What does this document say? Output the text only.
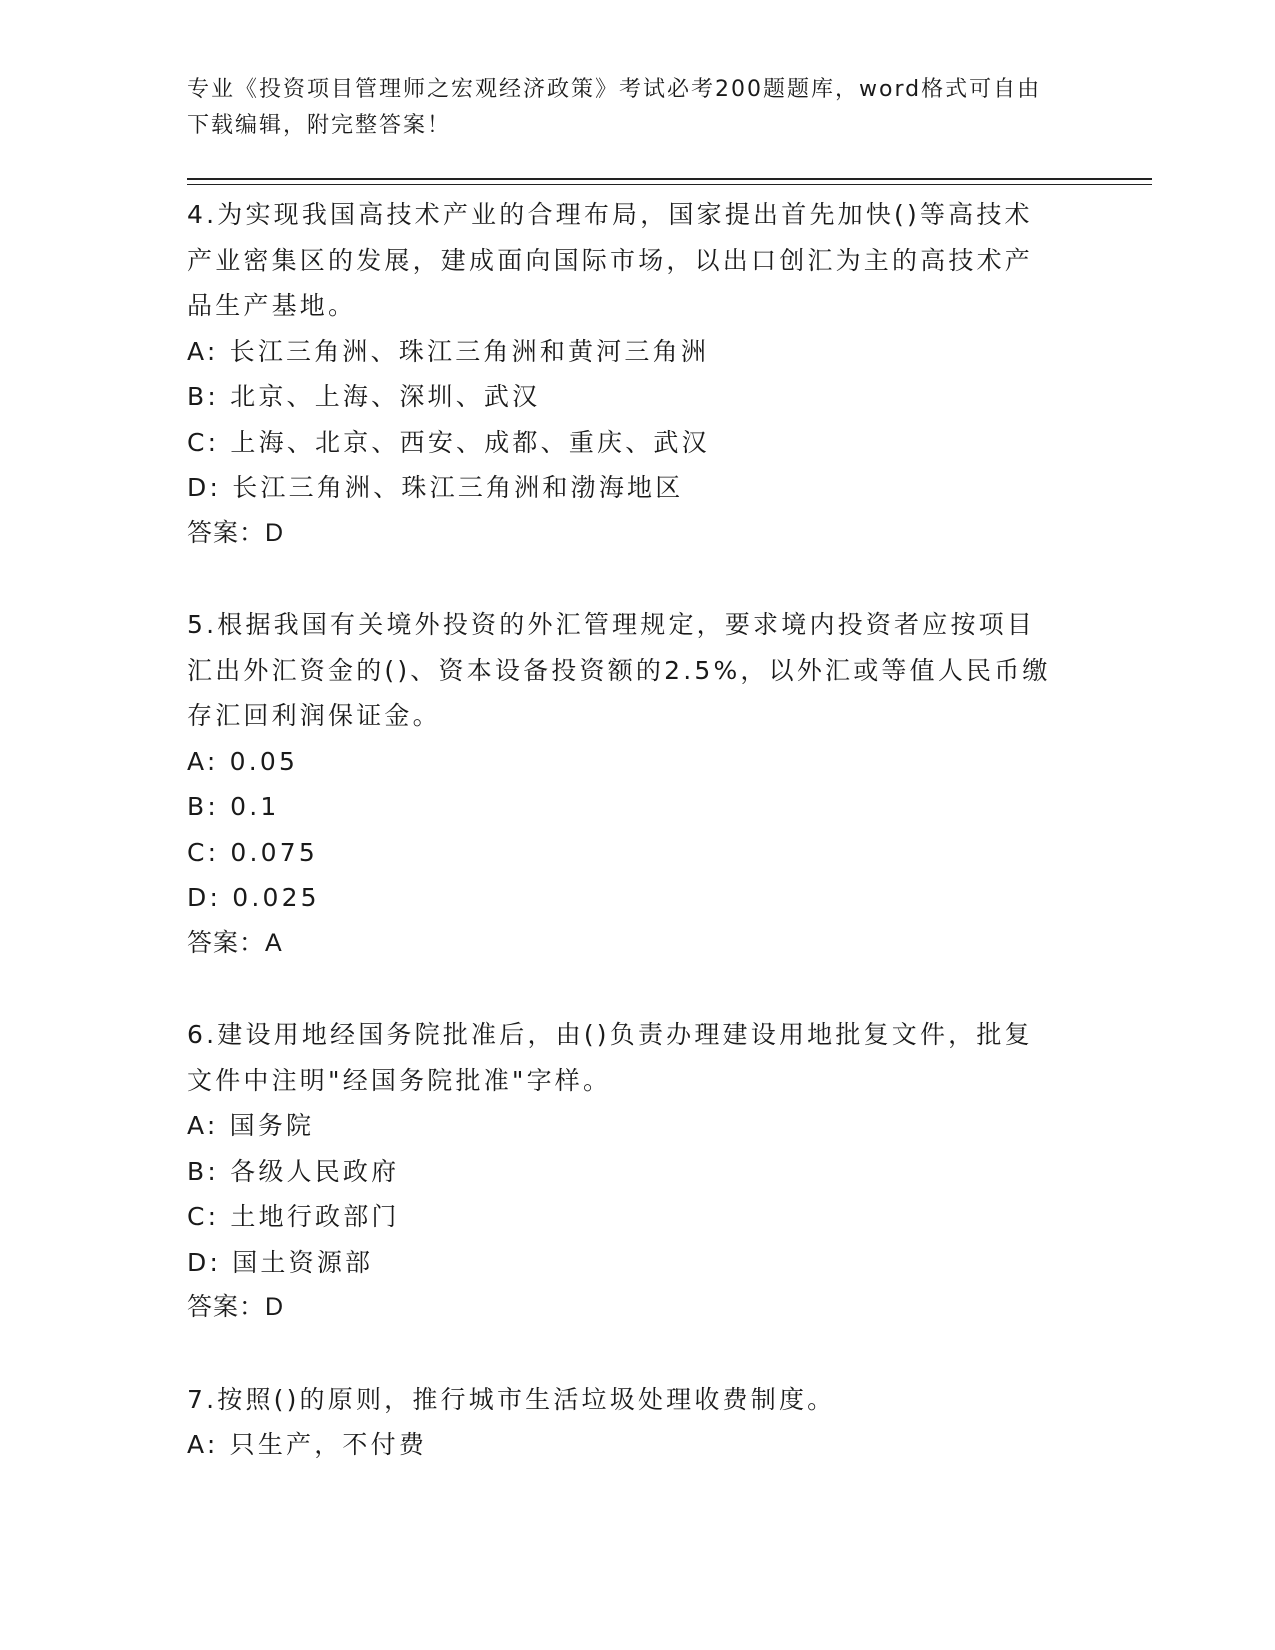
专业《投资项目管理师之宏观经济政策》考试必考200题题库，word格式可自由
下载编辑，附完整答案！
4.为实现我国高技术产业的合理布局，国家提出首先加快()等高技术
产业密集区的发展，建成面向国际市场，以出口创汇为主的高技术产
品生产基地。
A: 长江三角洲、珠江三角洲和黄河三角洲
B: 北京、上海、深圳、武汉
C: 上海、北京、西安、成都、重庆、武汉
D: 长江三角洲、珠江三角洲和渤海地区
答案：D
5.根据我国有关境外投资的外汇管理规定，要求境内投资者应按项目
汇出外汇资金的()、资本设备投资额的2.5%，以外汇或等值人民币缴
存汇回利润保证金。
A: 0.05
B: 0.1
C: 0.075
D: 0.025
答案：A
6.建设用地经国务院批准后，由()负责办理建设用地批复文件，批复
文件中注明"经国务院批准"字样。
A: 国务院
B: 各级人民政府
C: 土地行政部门
D: 国土资源部
答案：D
7.按照()的原则，推行城市生活垃圾处理收费制度。
A: 只生产，不付费
